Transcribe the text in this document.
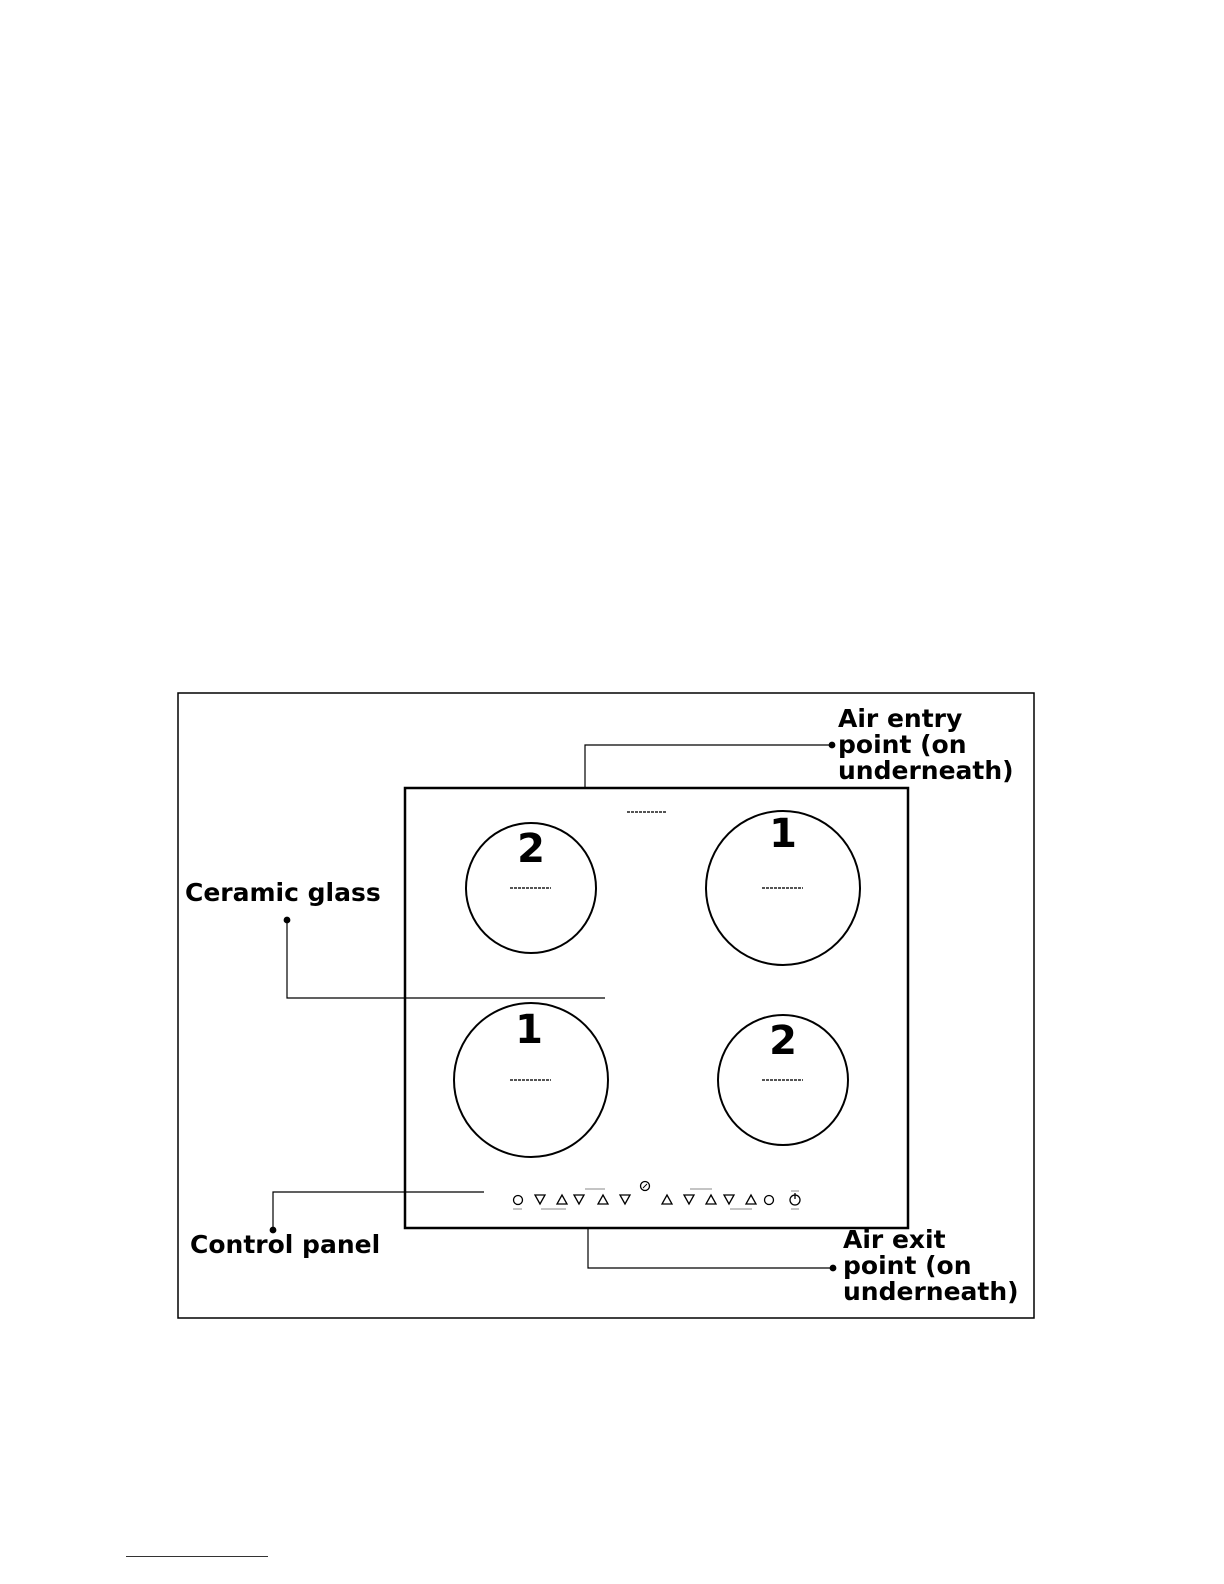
2	1
1	2
Air entry point (on underneath)
Ceramic glass
Control panel	Air exit point (on underneath)
